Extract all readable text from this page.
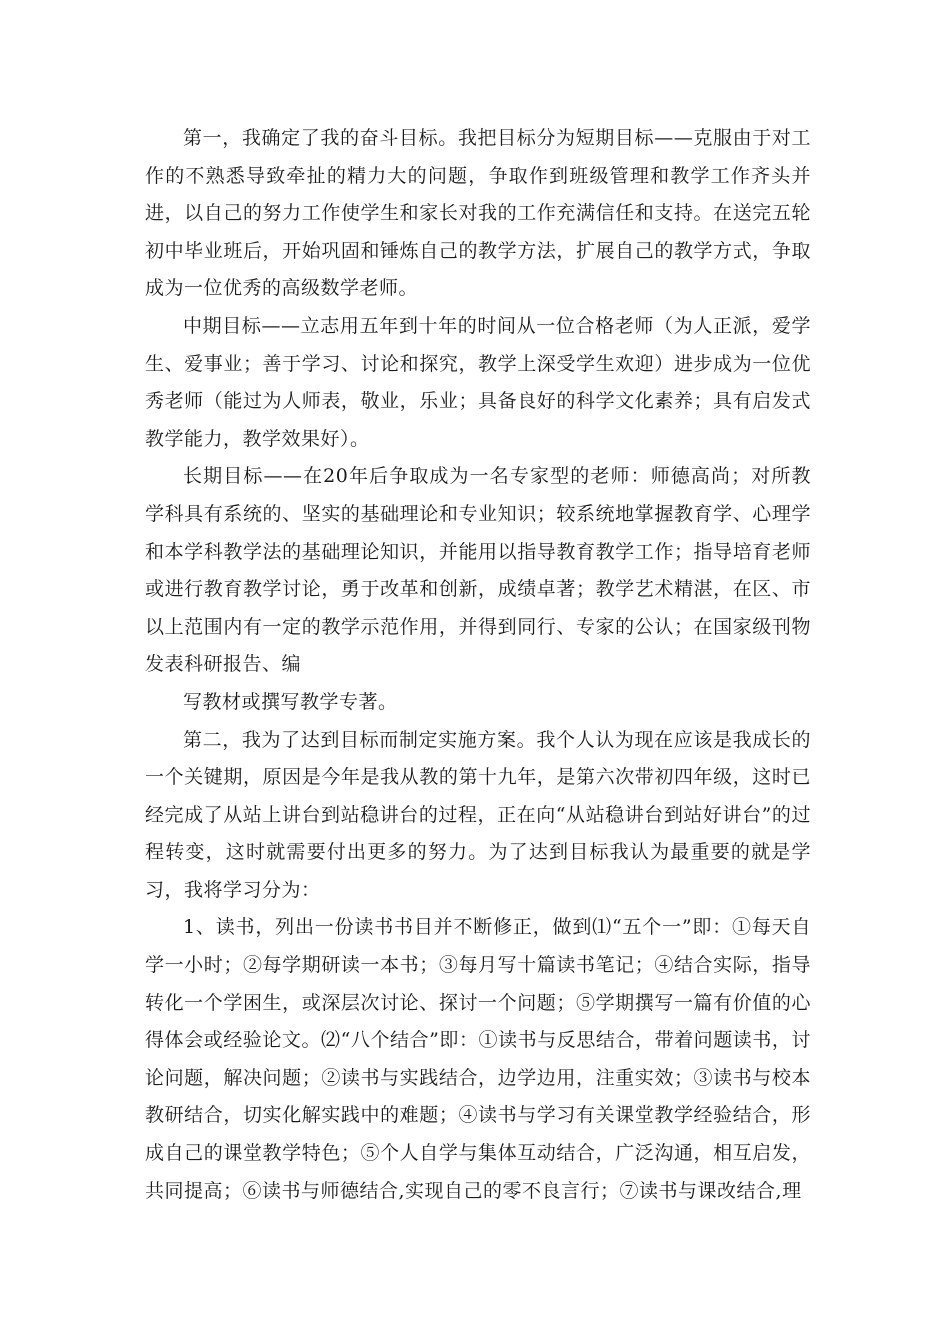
第一，我确定了我的奋斗目标。我把目标分为短期目标——克服由于对工作的不熟悉导致牵扯的精力大的问题，争取作到班级管理和教学工作齐头并进，以自己的努力工作使学生和家长对我的工作充满信任和支持。在送完五轮初中毕业班后，开始巩固和锤炼自己的教学方法，扩展自己的教学方式，争取成为一位优秀的高级数学老师。

中期目标——立志用五年到十年的时间从一位合格老师（为人正派，爱学生、爱事业；善于学习、讨论和探究，教学上深受学生欢迎）进步成为一位优秀老师（能过为人师表，敬业，乐业；具备良好的科学文化素养；具有启发式教学能力，教学效果好）。

长期目标——在20年后争取成为一名专家型的老师：师德高尚；对所教学科具有系统的、坚实的基础理论和专业知识；较系统地掌握教育学、心理学和本学科教学法的基础理论知识，并能用以指导教育教学工作；指导培育老师或进行教育教学讨论，勇于改革和创新，成绩卓著；教学艺术精湛，在区、市以上范围内有一定的教学示范作用，并得到同行、专家的公认；在国家级刊物发表科研报告、编

写教材或撰写教学专著。

第二，我为了达到目标而制定实施方案。我个人认为现在应该是我成长的一个关键期，原因是今年是我从教的第十九年，是第六次带初四年级，这时已经完成了从站上讲台到站稳讲台的过程，正在向“从站稳讲台到站好讲台”的过程转变，这时就需要付出更多的努力。为了达到目标我认为最重要的就是学习，我将学习分为：

1、读书，列出一份读书书目并不断修正，做到⑴“五个一”即：①每天自学一小时；②每学期研读一本书；③每月写十篇读书笔记；④结合实际，指导转化一个学困生，或深层次讨论、探讨一个问题；⑤学期撰写一篇有价值的心得体会或经验论文。⑵“八个结合”即：①读书与反思结合，带着问题读书，讨论问题，解决问题；②读书与实践结合，边学边用，注重实效；③读书与校本教研结合，切实化解实践中的难题；④读书与学习有关课堂教学经验结合，形成自己的课堂教学特色；⑤个人自学与集体互动结合，广泛沟通，相互启发，共同提高；⑥读书与师德结合,实现自己的零不良言行；⑦读书与课改结合,理
